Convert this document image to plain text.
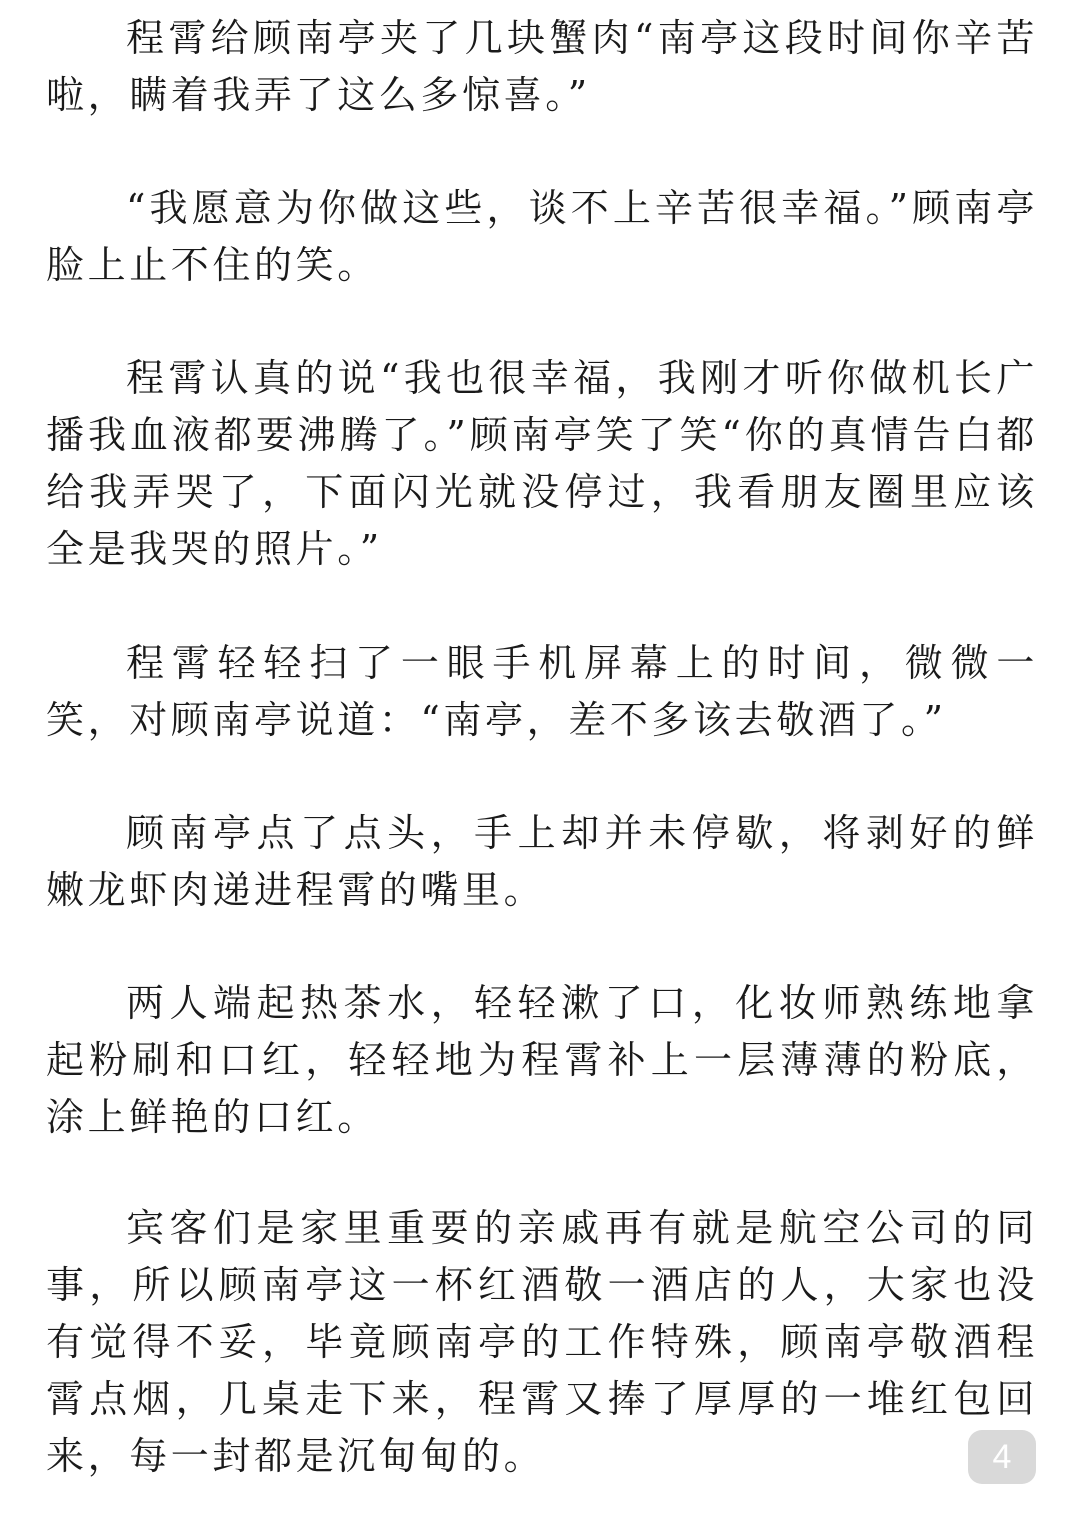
程霄给顾南亭夹了几块蟹肉“南亭这段时间你辛苦啦，瞒着我弄了这么多惊喜。”

“我愿意为你做这些，谈不上辛苦很幸福。”顾南亭脸上止不住的笑。

程霄认真的说“我也很幸福，我刚才听你做机长广播我血液都要沸腾了。”顾南亭笑了笑“你的真情告白都给我弄哭了，下面闪光就没停过，我看朋友圈里应该全是我哭的照片。”

程霄轻轻扫了一眼手机屏幕上的时间，微微一笑，对顾南亭说道：“南亭，差不多该去敬酒了。”

顾南亭点了点头，手上却并未停歇，将剥好的鲜嫩龙虾肉递进程霄的嘴里。

两人端起热茶水，轻轻漱了口，化妆师熟练地拿起粉刷和口红，轻轻地为程霄补上一层薄薄的粉底，涂上鲜艳的口红。

宾客们是家里重要的亲戚再有就是航空公司的同事，所以顾南亭这一杯红酒敬一酒店的人，大家也没有觉得不妥，毕竟顾南亭的工作特殊，顾南亭敬酒程霄点烟，几桌走下来，程霄又捧了厚厚的一堆红包回来，每一封都是沉甸甸的。	4
